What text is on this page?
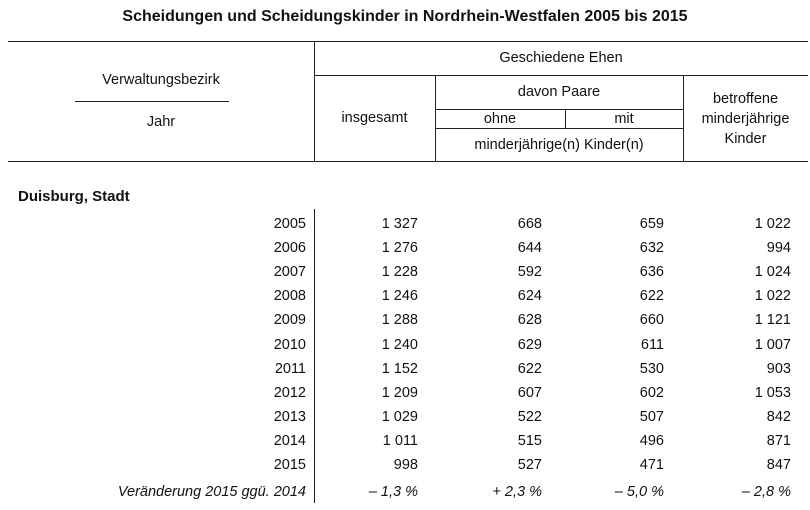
Scheidungen und Scheidungskinder in Nordrhein-Westfalen 2005 bis 2015
Verwaltungsbezirk
Jahr
Geschiedene Ehen
insgesamt
davon Paare
ohne	mit
minderjährige(n) Kinder(n)
betroffene
minderjährige
Kinder
Duisburg, Stadt
2005	1 327	668	659	1 022
2006	1 276	644	632	994
2007	1 228	592	636	1 024
2008	1 246	624	622	1 022
2009	1 288	628	660	1 121
2010	1 240	629	611	1 007
2011	1 152	622	530	903
2012	1 209	607	602	1 053
2013	1 029	522	507	842
2014	1 011	515	496	871
2015	998	527	471	847
Veränderung 2015 ggü. 2014	– 1,3 %	+ 2,3 %	– 5,0 %	– 2,8 %
